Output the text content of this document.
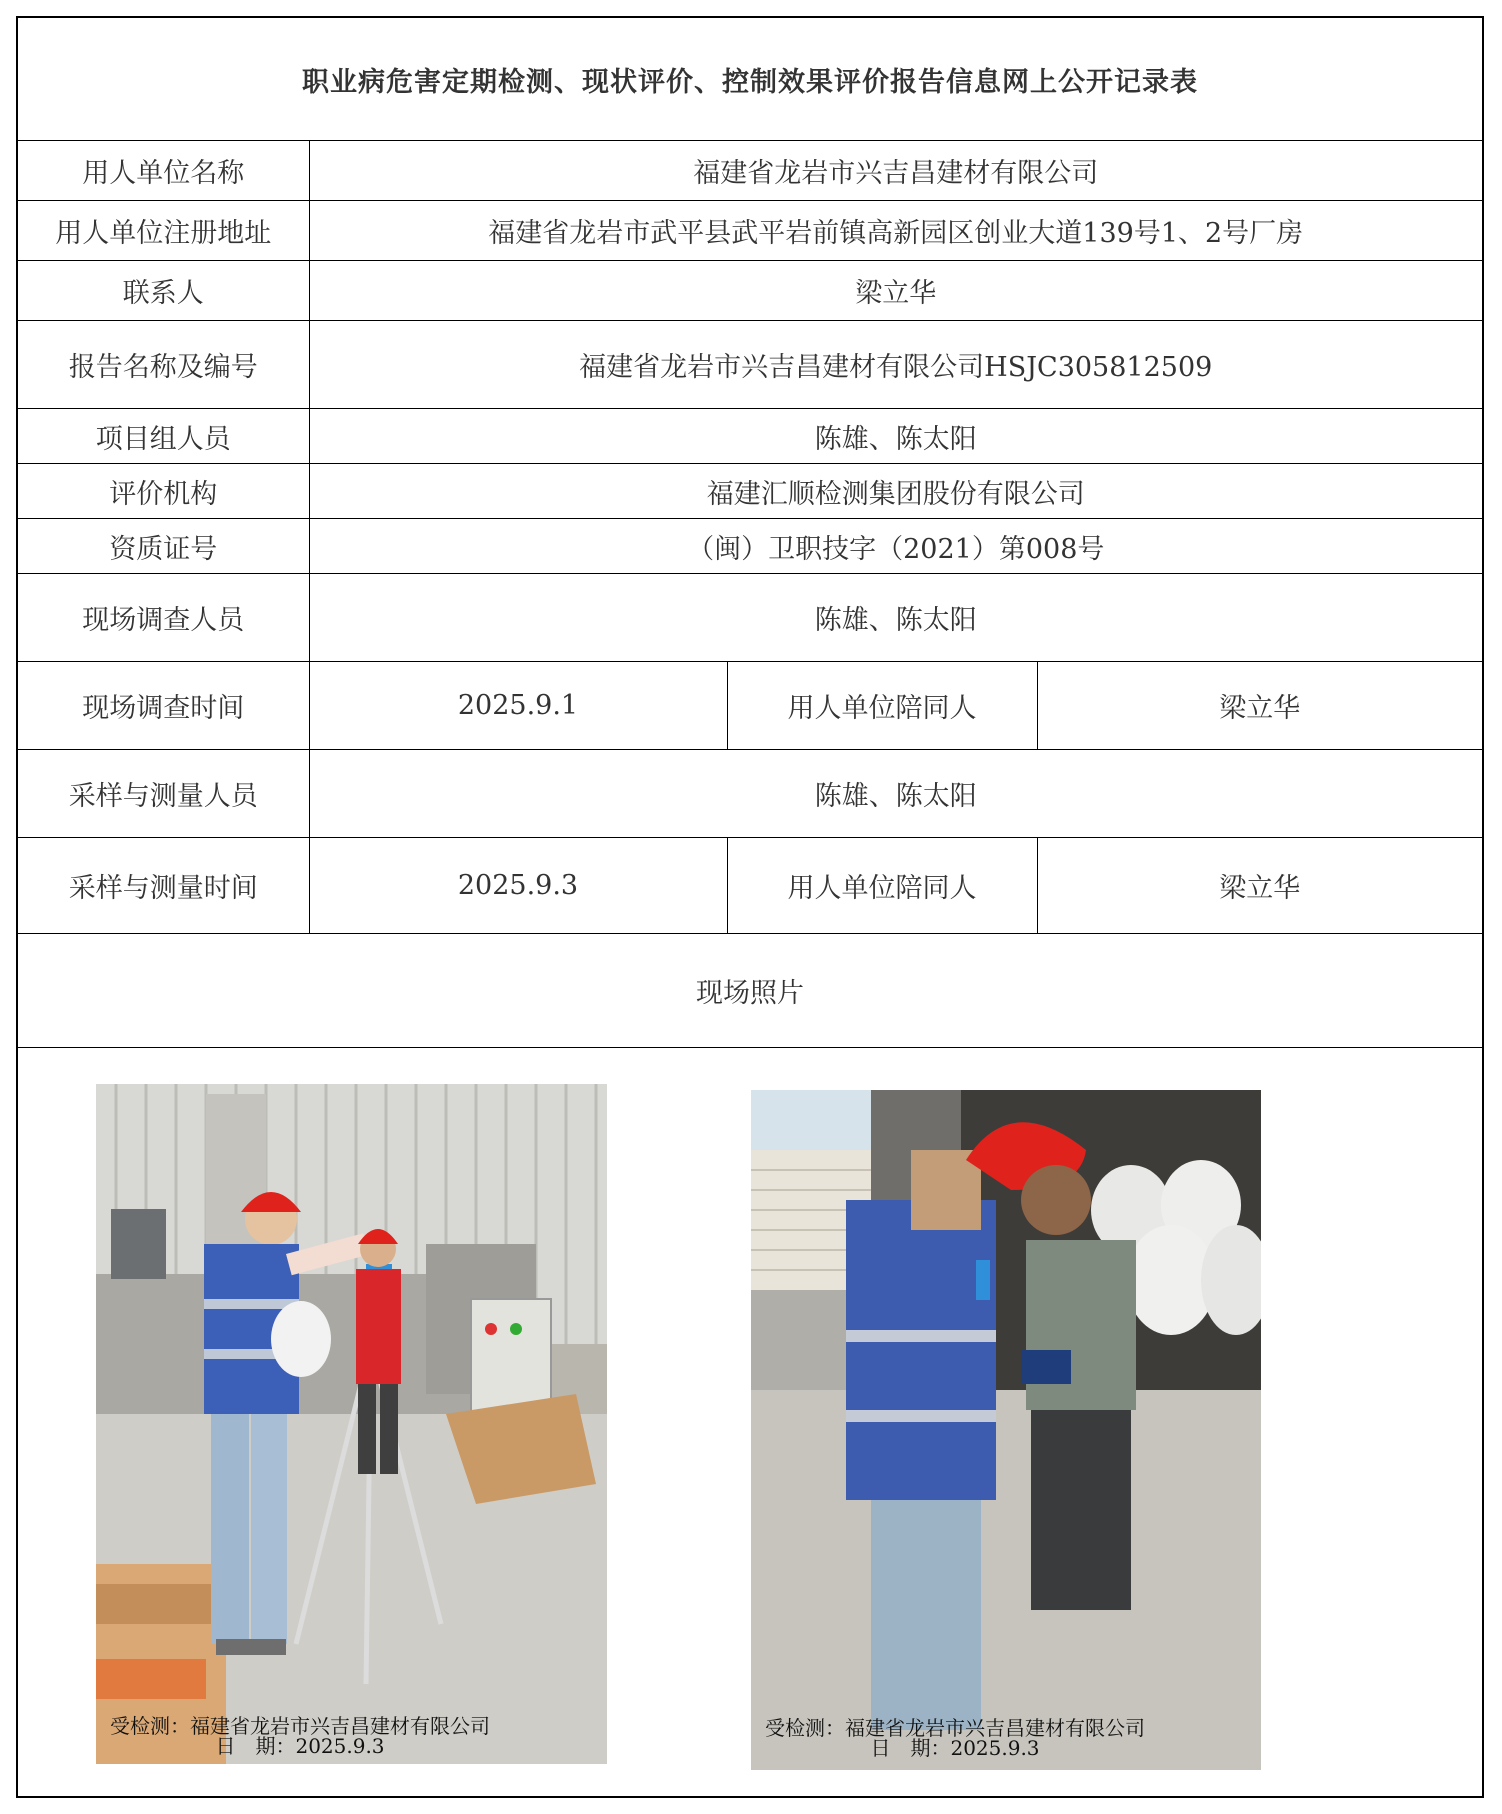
职业病危害定期检测、现状评价、控制效果评价报告信息网上公开记录表			
用人单位名称	福建省龙岩市兴吉昌建材有限公司		
用人单位注册地址	福建省龙岩市武平县武平岩前镇高新园区创业大道139号1、2号厂房		
联系人	梁立华		
报告名称及编号	福建省龙岩市兴吉昌建材有限公司HSJC305812509		
项目组人员	陈雄、陈太阳		
评价机构	福建汇顺检测集团股份有限公司		
资质证号	（闽）卫职技字（2021）第008号		
现场调查人员	陈雄、陈太阳		
现场调查时间	2025.9.1	用人单位陪同人	梁立华
采样与测量人员	陈雄、陈太阳		
采样与测量时间	2025.9.3	用人单位陪同人	梁立华
现场照片			

受检测：福建省龙岩市兴吉昌建材有限公司
日　期：2025.9.3
受检测：福建省龙岩市兴吉昌建材有限公司
日　期：2025.9.3			
